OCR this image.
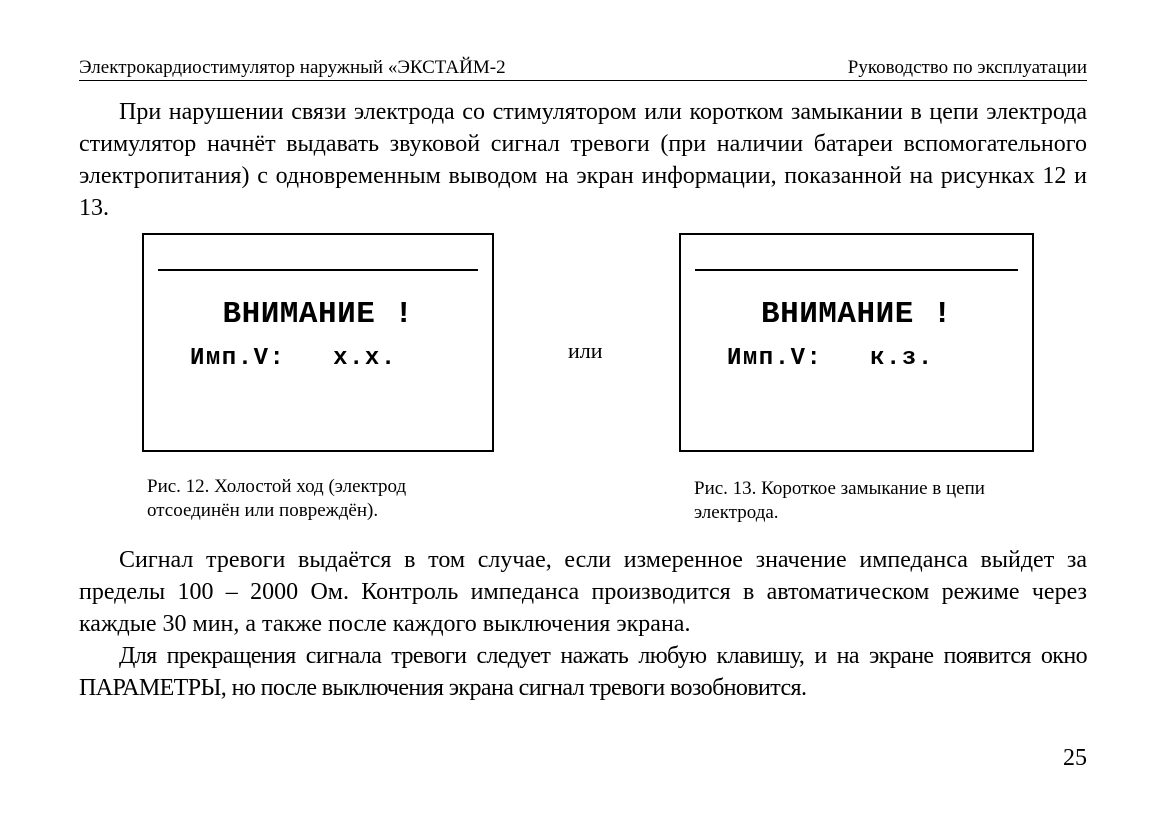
Электрокардиостимулятор наружный «ЭКСТАЙМ-2	Руководство по эксплуатации

При нарушении связи электрода со стимулятором или коротком замыкании в цепи электрода стимулятор начнёт выдавать звуковой сигнал тревоги (при наличии батареи вспомогательного электропитания) с одновременным выводом на экран информации, показанной на рисунках 12 и 13.

ВНИМАНИЕ !
Имп.V:   х.х.	или
ВНИМАНИЕ !
Имп.V:   к.з.

Рис. 12. Холостой ход (электрод отсоединён или повреждён).

Рис. 13. Короткое замыкание в цепи электрода.

Сигнал тревоги выдаётся в том случае, если измеренное значение импеданса выйдет за пределы 100 – 2000 Ом. Контроль импеданса производится в автоматическом режиме через каждые 30 мин, а также после каждого выключения экрана.

Для прекращения сигнала тревоги следует нажать любую клавишу, и на экране появится окно ПАРАМЕТРЫ, но после выключения экрана сигнал тревоги возобновится.

25
